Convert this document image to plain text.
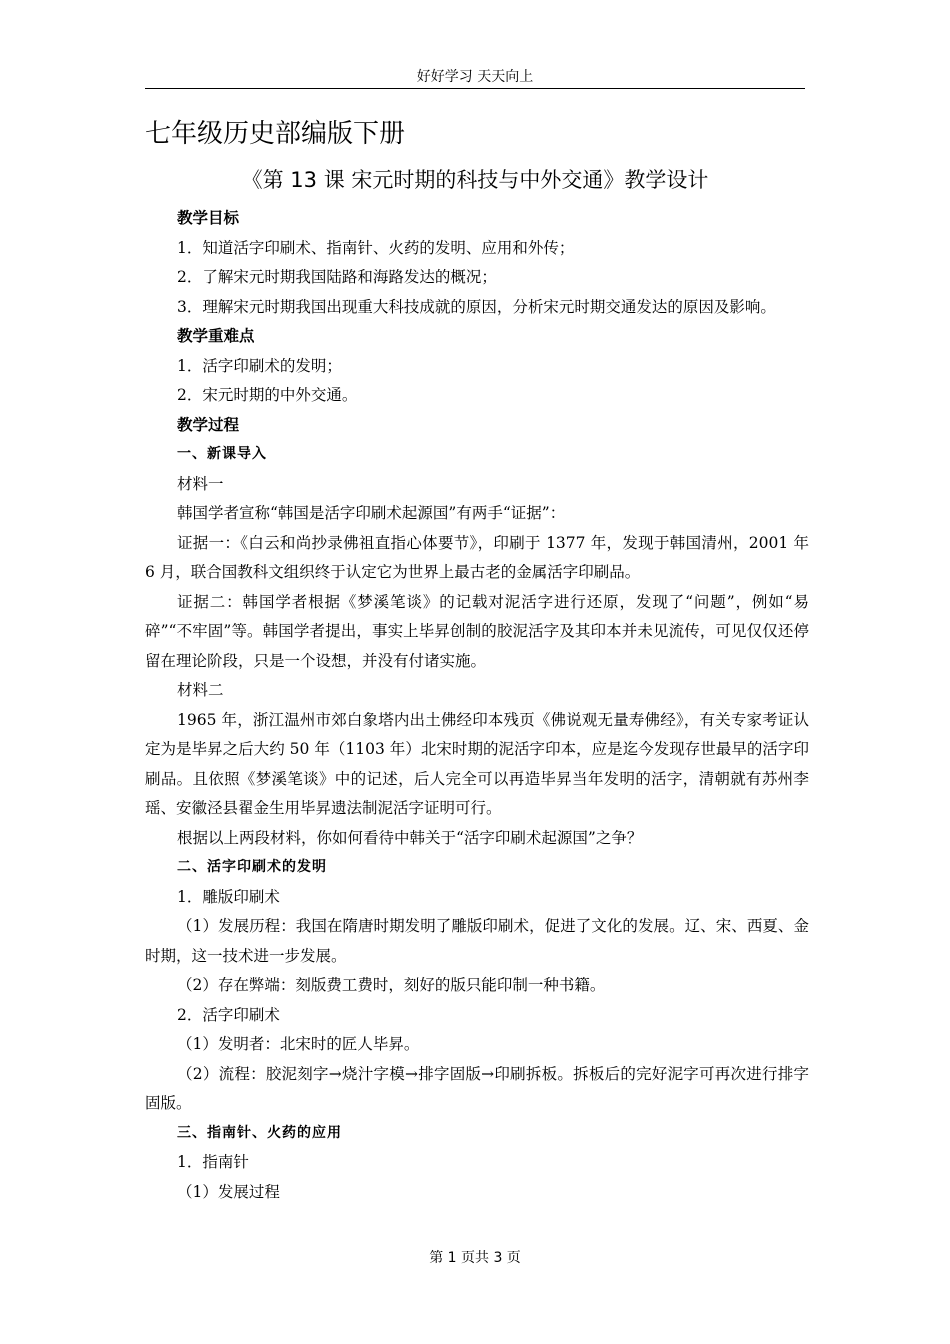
好好学习 天天向上
七年级历史部编版下册
《第 13 课 宋元时期的科技与中外交通》教学设计

教学目标

1．知道活字印刷术、指南针、火药的发明、应用和外传；

2．了解宋元时期我国陆路和海路发达的概况；

3．理解宋元时期我国出现重大科技成就的原因，分析宋元时期交通发达的原因及影响。

教学重难点

1．活字印刷术的发明；

2．宋元时期的中外交通。

教学过程

一、新课导入

材料一

韩国学者宣称“韩国是活字印刷术起源国”有两手“证据”：

证据一：《白云和尚抄录佛祖直指心体要节》，印刷于 1377 年，发现于韩国清州，2001 年 6 月，联合国教科文组织终于认定它为世界上最古老的金属活字印刷品。

证据二：韩国学者根据《梦溪笔谈》的记载对泥活字进行还原，发现了“问题”，例如“易碎”“不牢固”等。韩国学者提出，事实上毕昇创制的胶泥活字及其印本并未见流传，可见仅仅还停留在理论阶段，只是一个设想，并没有付诸实施。

材料二

1965 年，浙江温州市郊白象塔内出土佛经印本残页《佛说观无量寿佛经》，有关专家考证认定为是毕昇之后大约 50 年（1103 年）北宋时期的泥活字印本，应是迄今发现存世最早的活字印刷品。且依照《梦溪笔谈》中的记述，后人完全可以再造毕昇当年发明的活字，清朝就有苏州李瑶、安徽泾县翟金生用毕昇遗法制泥活字证明可行。

根据以上两段材料，你如何看待中韩关于“活字印刷术起源国”之争？

二、活字印刷术的发明

1．雕版印刷术

（1）发展历程：我国在隋唐时期发明了雕版印刷术，促进了文化的发展。辽、宋、西夏、金时期，这一技术进一步发展。

（2）存在弊端：刻版费工费时，刻好的版只能印制一种书籍。

2．活字印刷术

（1）发明者：北宋时的匠人毕昇。

（2）流程：胶泥刻字→烧汁字模→排字固版→印刷拆板。拆板后的完好泥字可再次进行排字固版。

三、指南针、火药的应用

1．指南针

（1）发展过程

第 1 页共 3 页
